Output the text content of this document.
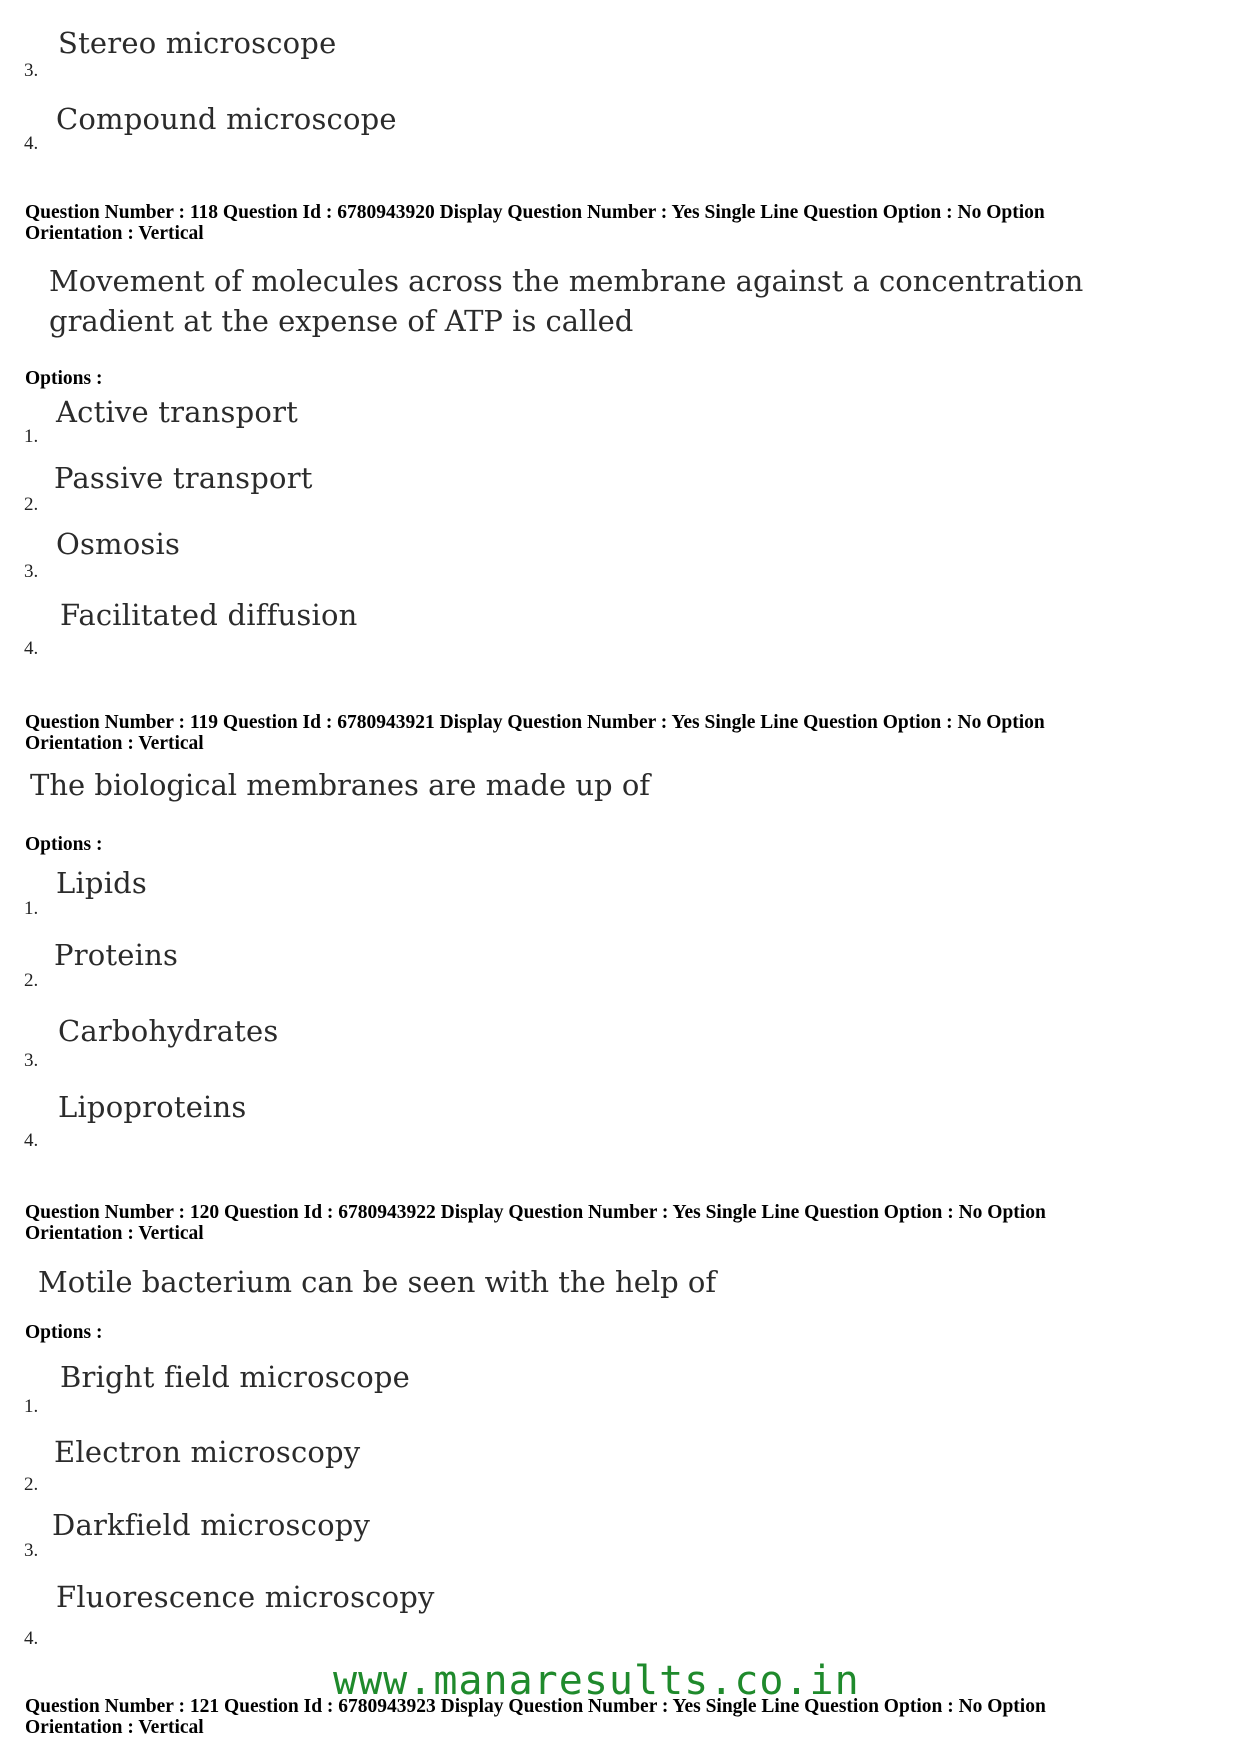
Stereo microscope
3.
Compound microscope
4.
Question Number : 118 Question Id : 6780943920 Display Question Number : Yes Single Line Question Option : No Option
Orientation : Vertical
Movement of molecules across the membrane against a concentration
gradient at the expense of ATP is called
Options :
Active transport
1.
Passive transport
2.
Osmosis
3.
Facilitated diffusion
4.
Question Number : 119 Question Id : 6780943921 Display Question Number : Yes Single Line Question Option : No Option
Orientation : Vertical
The biological membranes are made up of
Options :
Lipids
1.
Proteins
2.
Carbohydrates
3.
Lipoproteins
4.
Question Number : 120 Question Id : 6780943922 Display Question Number : Yes Single Line Question Option : No Option
Orientation : Vertical
Motile bacterium can be seen with the help of
Options :
Bright field microscope
1.
Electron microscopy
2.
Darkfield microscopy
3.
Fluorescence microscopy
4.
www.manaresults.co.in
Question Number : 121 Question Id : 6780943923 Display Question Number : Yes Single Line Question Option : No Option
Orientation : Vertical
